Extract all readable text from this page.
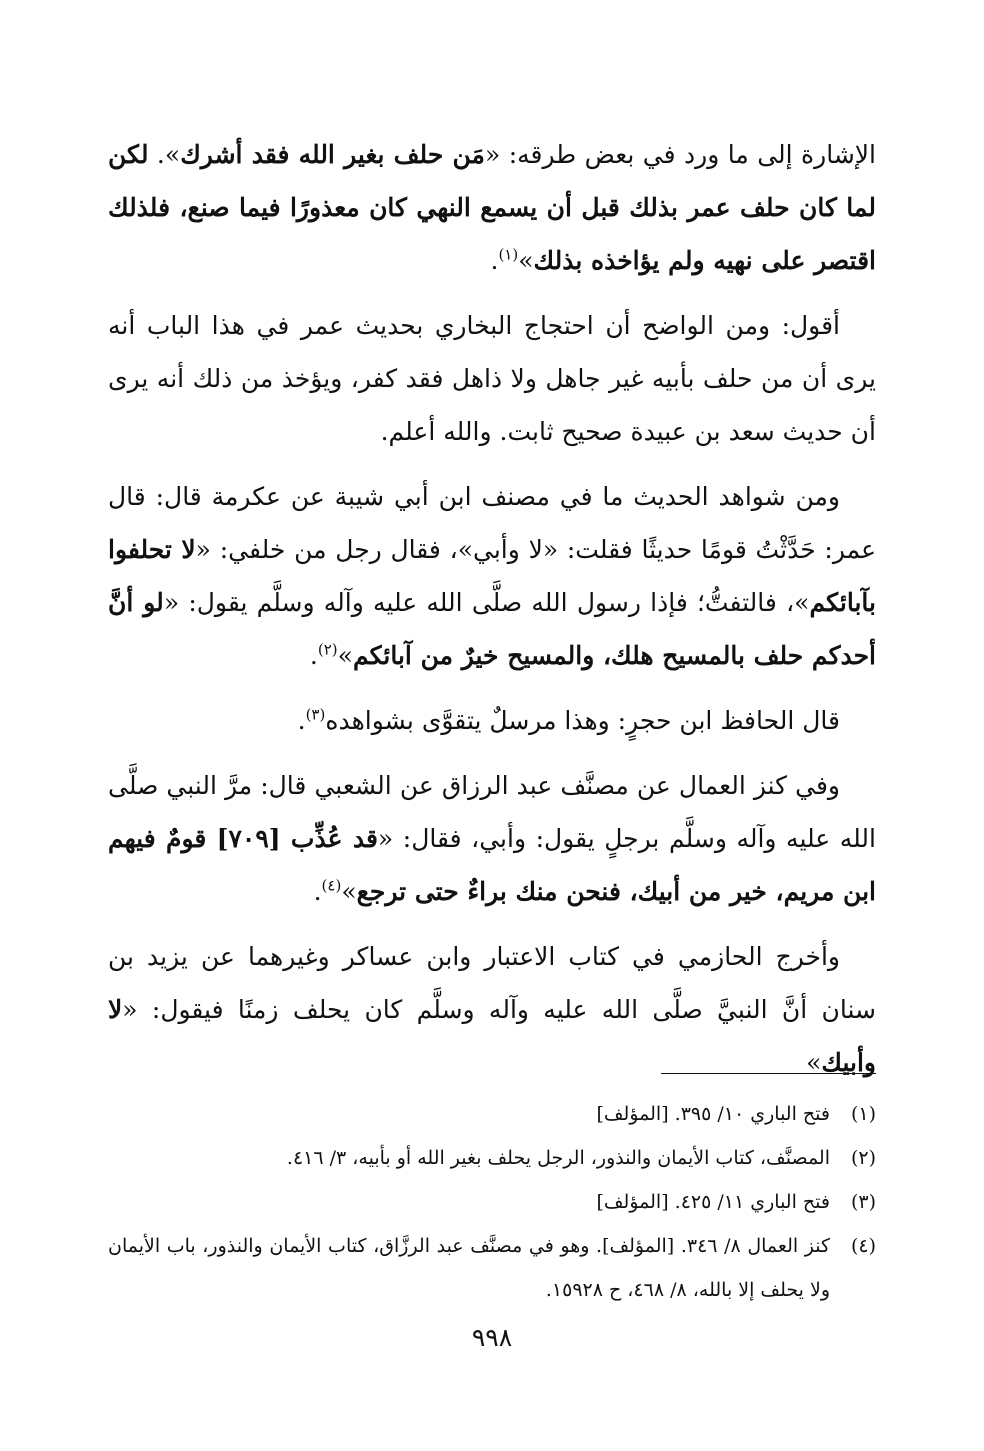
الإشارة إلى ما ورد في بعض طرقه: «مَن حلف بغير الله فقد أشرك». لكن لما كان حلف عمر بذلك قبل أن يسمع النهي كان معذورًا فيما صنع، فلذلك اقتصر على نهيه ولم يؤاخذه بذلك»$^{(١)}$.

أقول: ومن الواضح أن احتجاج البخاري بحديث عمر في هذا الباب أنه يرى أن من حلف بأبيه غير جاهل ولا ذاهل فقد كفر، ويؤخذ من ذلك أنه يرى أن حديث سعد بن عبيدة صحيح ثابت. والله أعلم.

ومن شواهد الحديث ما في مصنف ابن أبي شيبة عن عكرمة قال: قال عمر: حَدَّثْتُ قومًا حديثًا فقلت: «لا وأبي»، فقال رجل من خلفي: «لا تحلفوا بآبائكم»، فالتفتُّ؛ فإذا رسول الله صلَّى الله عليه وآله وسلَّم يقول: «لو أنَّ أحدكم حلف بالمسيح هلك، والمسيح خيرٌ من آبائكم»$^{(٢)}$.

قال الحافظ ابن حجرٍ: وهذا مرسلٌ يتقوَّى بشواهده$^{(٣)}$.

وفي كنز العمال عن مصنَّف عبد الرزاق عن الشعبي قال: مرَّ النبي صلَّى الله عليه وآله وسلَّم برجلٍ يقول: وأبي، فقال: «قد عُذِّب [٧٠٩] قومٌ فيهم ابن مريم، خير من أبيك، فنحن منك براءٌ حتى ترجع»$^{(٤)}$.

وأخرج الحازمي في كتاب الاعتبار وابن عساكر وغيرهما عن يزيد بن سنان أنَّ النبيَّ صلَّى الله عليه وآله وسلَّم كان يحلف زمنًا فيقول: «لا وأبيك»

(١)
فتح الباري ١٠/ ٣٩٥. [المؤلف]
(٢)
المصنَّف، كتاب الأيمان والنذور، الرجل يحلف بغير الله أو بأبيه، ٣/ ٤١٦.
(٣)
فتح الباري ١١/ ٤٢٥. [المؤلف]
(٤)
كنز العمال ٨/ ٣٤٦. [المؤلف]. وهو في مصنَّف عبد الرزَّاق، كتاب الأيمان والنذور، باب الأيمان ولا يحلف إلا بالله، ٨/ ٤٦٨، ح ١٥٩٢٨.
٩٩٨
